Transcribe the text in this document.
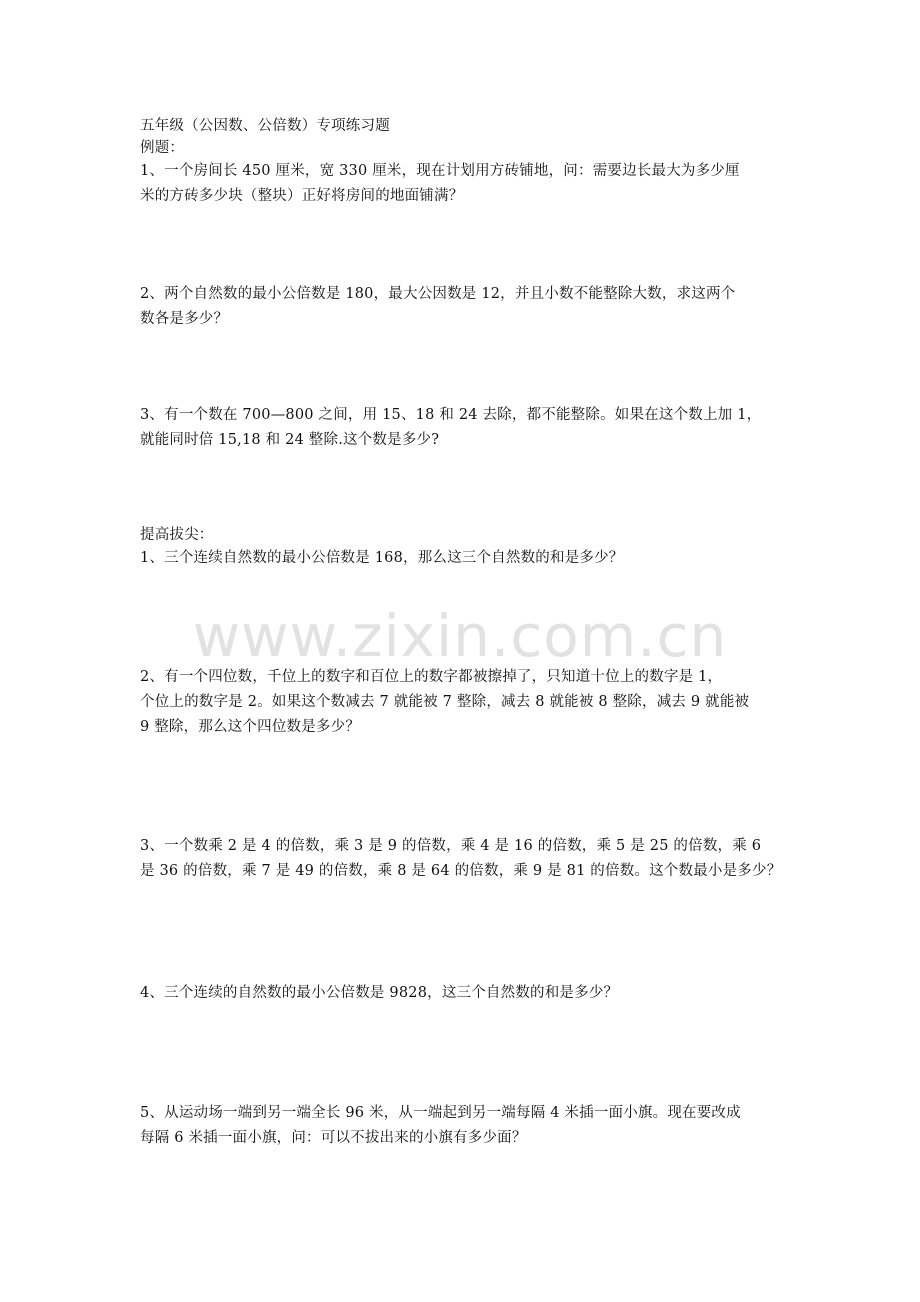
五年级（公因数、公倍数）专项练习题
例题：
1、一个房间长 450 厘米，宽 330 厘米，现在计划用方砖铺地，问：需要边长最大为多少厘
米的方砖多少块（整块）正好将房间的地面铺满？
2、两个自然数的最小公倍数是 180，最大公因数是 12，并且小数不能整除大数，求这两个
数各是多少？
3、有一个数在 700—800 之间，用 15、18 和 24 去除，都不能整除。如果在这个数上加 1，
就能同时倍 15,18 和 24 整除.这个数是多少?
提高拔尖：
1、三个连续自然数的最小公倍数是 168，那么这三个自然数的和是多少？
www.zixin.com.cn
2、有一个四位数，千位上的数字和百位上的数字都被擦掉了，只知道十位上的数字是 1，
个位上的数字是 2。如果这个数减去 7 就能被 7 整除，减去 8 就能被 8 整除，减去 9 就能被
9 整除，那么这个四位数是多少？
3、一个数乘 2 是 4 的倍数，乘 3 是 9 的倍数，乘 4 是 16 的倍数，乘 5 是 25 的倍数，乘 6
是 36 的倍数，乘 7 是 49 的倍数，乘 8 是 64 的倍数，乘 9 是 81 的倍数。这个数最小是多少？
4、三个连续的自然数的最小公倍数是 9828，这三个自然数的和是多少？
5、从运动场一端到另一端全长 96 米，从一端起到另一端每隔 4 米插一面小旗。现在要改成
每隔 6 米插一面小旗，问：可以不拔出来的小旗有多少面？
